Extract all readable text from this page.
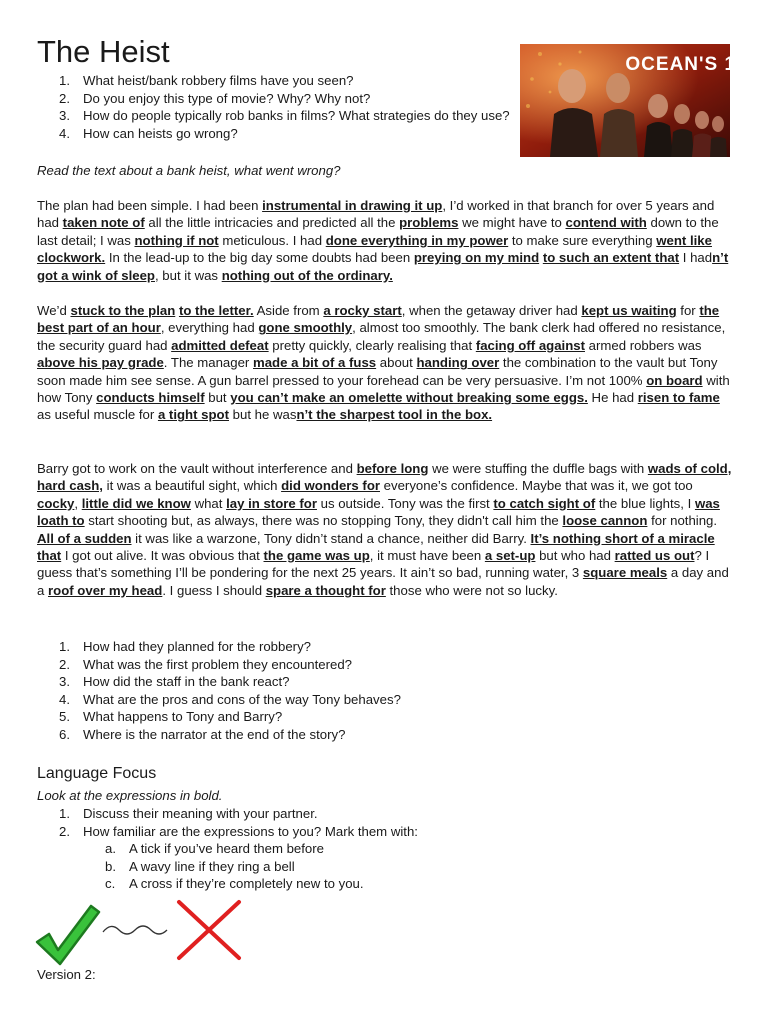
The Heist	OCEAN'S 11
1. What heist/bank robbery films have you seen?
2. Do you enjoy this type of movie? Why? Why not?
3. How do people typically rob banks in films? What strategies do they use?
4. How can heists go wrong?
Read the text about a bank heist, what went wrong?
The plan had been simple. I had been instrumental in drawing it up, I’d worked in that branch for over 5 years and had taken note of all the little intricacies and predicted all the problems we might have to contend with down to the last detail; I was nothing if not meticulous. I had done everything in my power to make sure everything went like clockwork. In the lead-up to the big day some doubts had been preying on my mind to such an extent that I hadn’t got a wink of sleep, but it was nothing out of the ordinary.
We’d stuck to the plan to the letter. Aside from a rocky start, when the getaway driver had kept us waiting for the best part of an hour, everything had gone smoothly, almost too smoothly. The bank clerk had offered no resistance, the security guard had admitted defeat pretty quickly, clearly realising that facing off against armed robbers was above his pay grade. The manager made a bit of a fuss about handing over the combination to the vault but Tony soon made him see sense. A gun barrel pressed to your forehead can be very persuasive. I’m not 100% on board with how Tony conducts himself but you can’t make an omelette without breaking some eggs. He had risen to fame as useful muscle for a tight spot but he wasn’t the sharpest tool in the box.
Barry got to work on the vault without interference and before long we were stuffing the duffle bags with wads of cold, hard cash, it was a beautiful sight, which did wonders for everyone’s confidence. Maybe that was it, we got too cocky, little did we know what lay in store for us outside. Tony was the first to catch sight of the blue lights, I was loath to start shooting but, as always, there was no stopping Tony, they didn't call him the loose cannon for nothing. All of a sudden it was like a warzone, Tony didn’t stand a chance, neither did Barry. It’s nothing short of a miracle that I got out alive. It was obvious that the game was up, it must have been a set-up but who had ratted us out? I guess that’s something I’ll be pondering for the next 25 years. It ain’t so bad, running water, 3 square meals a day and a roof over my head. I guess I should spare a thought for those who were not so lucky.
1. How had they planned for the robbery?
2. What was the first problem they encountered?
3. How did the staff in the bank react?
4. What are the pros and cons of the way Tony behaves?
5. What happens to Tony and Barry?
6. Where is the narrator at the end of the story?
Language Focus
Look at the expressions in bold.
1. Discuss their meaning with your partner.
2. How familiar are the expressions to you? Mark them with:
a. A tick if you’ve heard them before
b. A wavy line if they ring a bell
c. A cross if they’re completely new to you.
Version 2:
